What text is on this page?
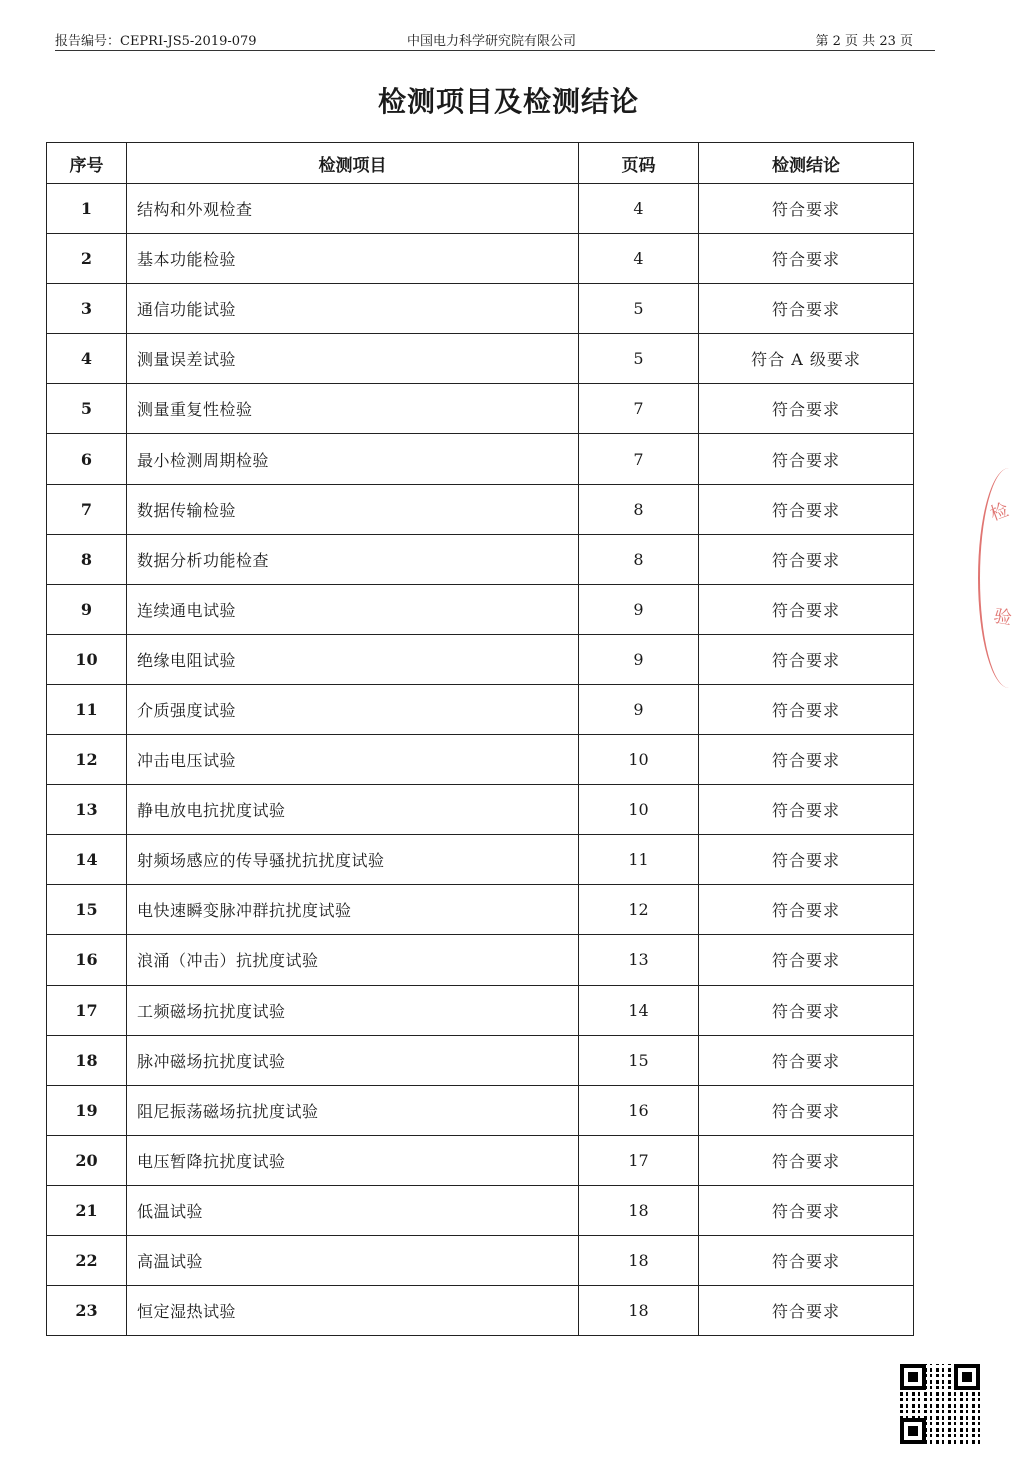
报告编号：CEPRI-JS5-2019-079	中国电力科学研究院有限公司	第 2 页 共 23 页
检测项目及检测结论
序号	检测项目	页码	检测结论
1	结构和外观检查	4	符合要求
2	基本功能检验	4	符合要求
3	通信功能试验	5	符合要求
4	测量误差试验	5	符合 A 级要求
5	测量重复性检验	7	符合要求
6	最小检测周期检验	7	符合要求
7	数据传输检验	8	符合要求
8	数据分析功能检查	8	符合要求
9	连续通电试验	9	符合要求
10	绝缘电阻试验	9	符合要求
11	介质强度试验	9	符合要求
12	冲击电压试验	10	符合要求
13	静电放电抗扰度试验	10	符合要求
14	射频场感应的传导骚扰抗扰度试验	11	符合要求
15	电快速瞬变脉冲群抗扰度试验	12	符合要求
16	浪涌（冲击）抗扰度试验	13	符合要求
17	工频磁场抗扰度试验	14	符合要求
18	脉冲磁场抗扰度试验	15	符合要求
19	阻尼振荡磁场抗扰度试验	16	符合要求
20	电压暂降抗扰度试验	17	符合要求
21	低温试验	18	符合要求
22	高温试验	18	符合要求
23	恒定湿热试验	18	符合要求
检
验
